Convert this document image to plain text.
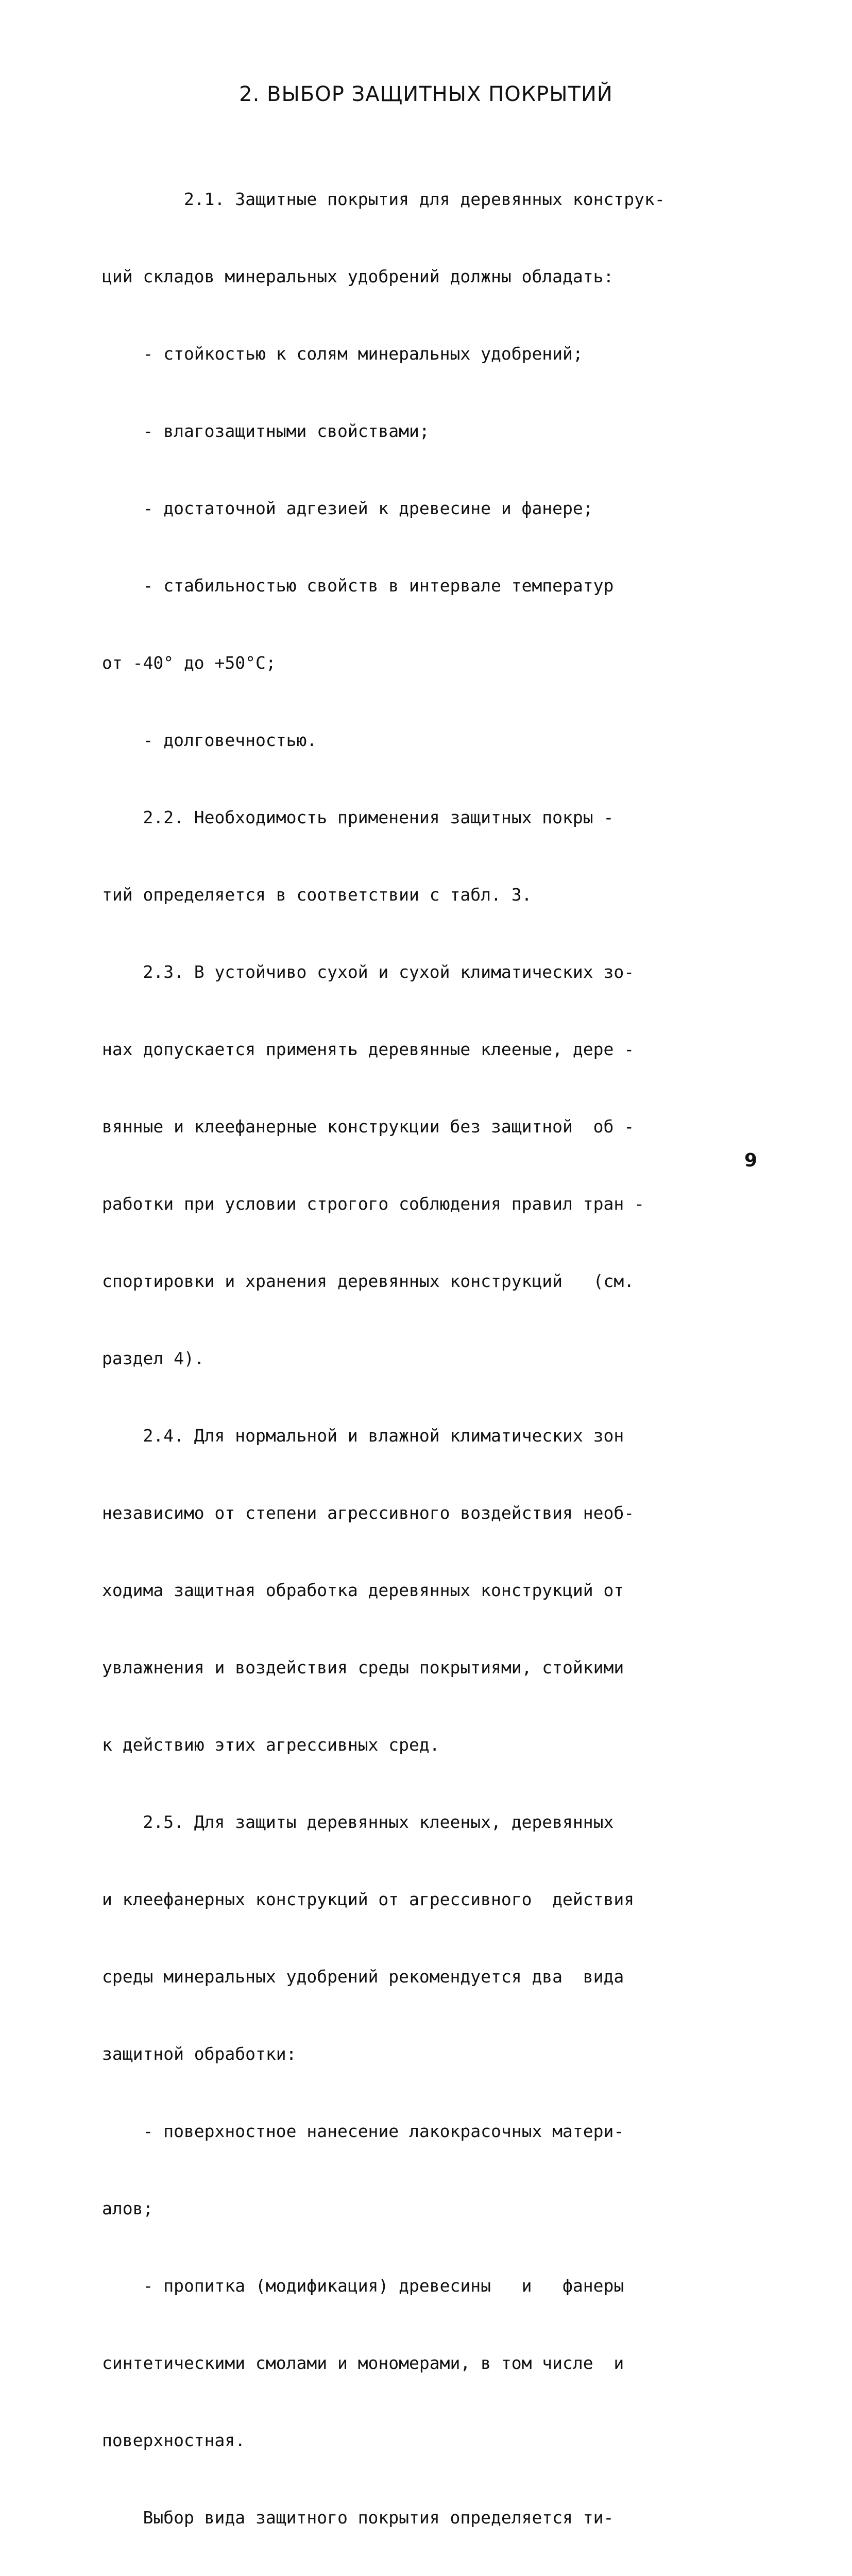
2. ВЫБОР ЗАЩИТНЫХ ПОКРЫТИЙ

2.1. Защитные покрытия для деревянных конструк-

ций складов минеральных удобрений должны обладать:

- стойкостью к солям минеральных удобрений;

- влагозащитными свойствами;

- достаточной адгезией к древесине и фанере;

- стабильностью свойств в интервале температур

от -40° до +50°С;

- долговечностью.

2.2. Необходимость применения защитных покры -

тий определяется в соответствии с табл. 3.

2.3. В устойчиво сухой и сухой климатических зо-

нах допускается применять деревянные клееные, дере -

вянные и клеефанерные конструкции без защитной  об -

работки при условии строгого соблюдения правил тран -

спортировки и хранения деревянных конструкций   (см.

раздел 4).

2.4. Для нормальной и влажной климатических зон

независимо от степени агрессивного воздействия необ-

ходима защитная обработка деревянных конструкций от

увлажнения и воздействия среды покрытиями, стойкими

к действию этих агрессивных сред.

2.5. Для защиты деревянных клееных, деревянных

и клеефанерных конструкций от агрессивного  действия

среды минеральных удобрений рекомендуется два  вида

защитной обработки:

- поверхностное нанесение лакокрасочных матери-

алов;

- пропитка (модификация) древесины   и   фанеры

синтетическими смолами и мономерами, в том числе  и

поверхностная.

Выбор вида защитного покрытия определяется ти-

9
